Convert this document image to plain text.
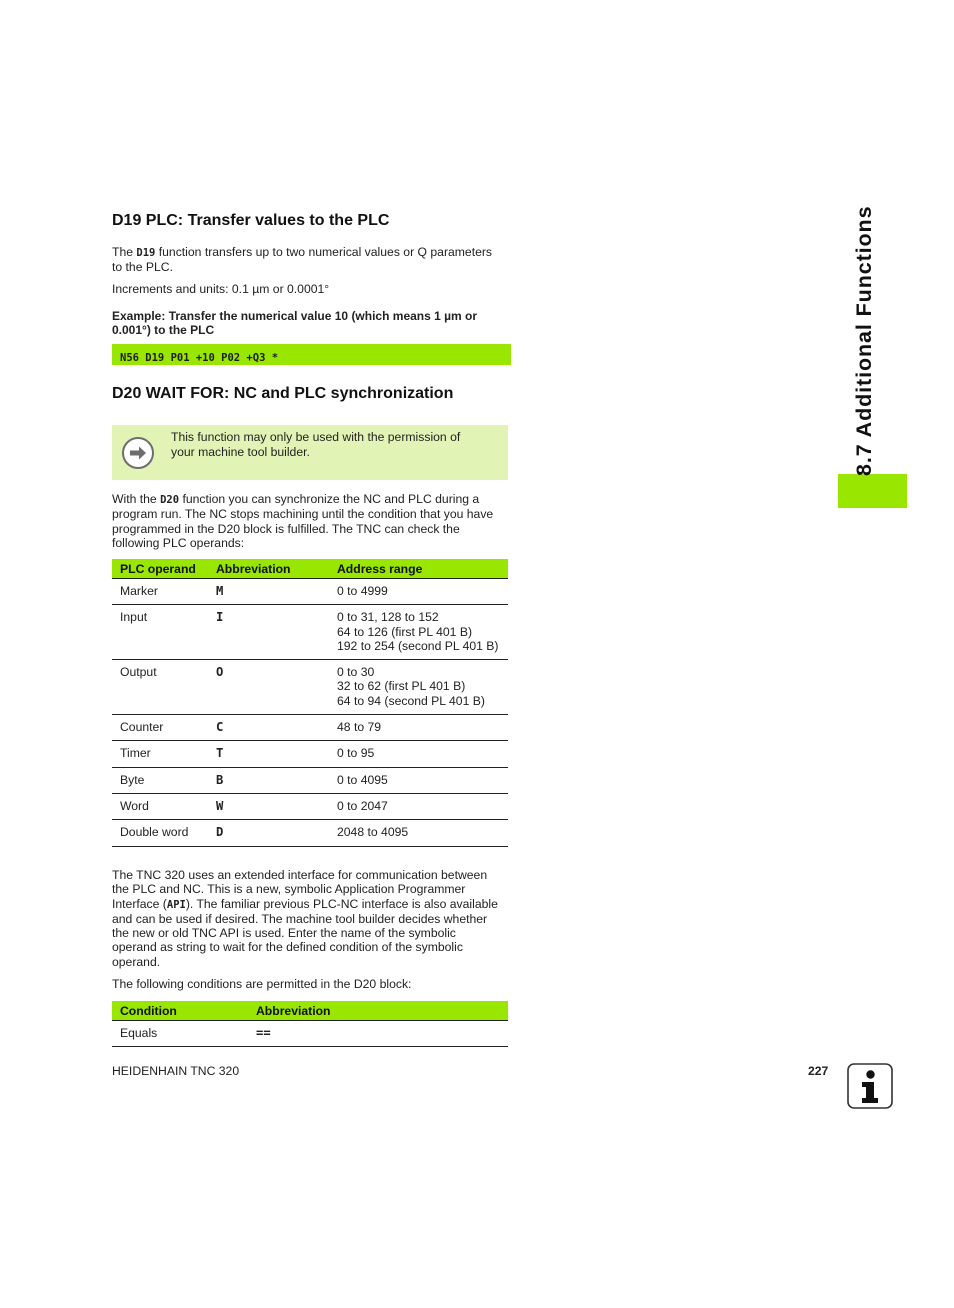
D19 PLC: Transfer values to the PLC
The D19 function transfers up to two numerical values or Q parameters
to the PLC.
Increments and units: 0.1 µm or 0.0001°
Example: Transfer the numerical value 10 (which means 1 µm or
0.001°) to the PLC
N56 D19 P01 +10 P02 +Q3 *
D20 WAIT FOR: NC and PLC synchronization
This function may only be used with the permission of
your machine tool builder.
With the D20 function you can synchronize the NC and PLC during a
program run. The NC stops machining until the condition that you have
programmed in the D20 block is fulfilled. The TNC can check the
following PLC operands:
PLC operand	Abbreviation	Address range
Marker	M	0 to 4999
Input	I	0 to 31, 128 to 152
64 to 126 (first PL 401 B)
192 to 254 (second PL 401 B)
Output	O	0 to 30
32 to 62 (first PL 401 B)
64 to 94 (second PL 401 B)
Counter	C	48 to 79
Timer	T	0 to 95
Byte	B	0 to 4095
Word	W	0 to 2047
Double word	D	2048 to 4095
The TNC 320 uses an extended interface for communication between
the PLC and NC. This is a new, symbolic Application Programmer
Interface (API). The familiar previous PLC-NC interface is also available
and can be used if desired. The machine tool builder decides whether
the new or old TNC API is used. Enter the name of the symbolic
operand as string to wait for the defined condition of the symbolic
operand.
The following conditions are permitted in the D20 block:
Condition	Abbreviation
Equals	==
HEIDENHAIN TNC 320	227
8.7 Additional Functions
